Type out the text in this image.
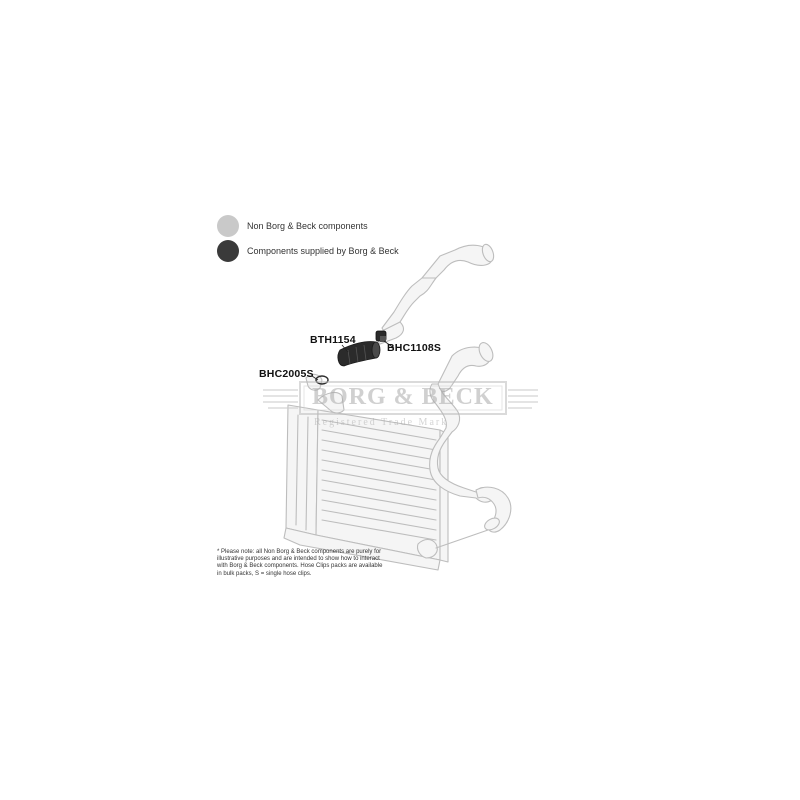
Non Borg & Beck components
Components supplied by Borg & Beck
BORG & BECK
Registered Trade Mark
BTH1154
BHC1108S
BHC2005S
* Please note: all Non Borg & Beck components are purely for illustrative purposes and are intended to show how to interact with Borg & Beck components. Hose Clips packs are available in bulk packs, S = single hose clips.
